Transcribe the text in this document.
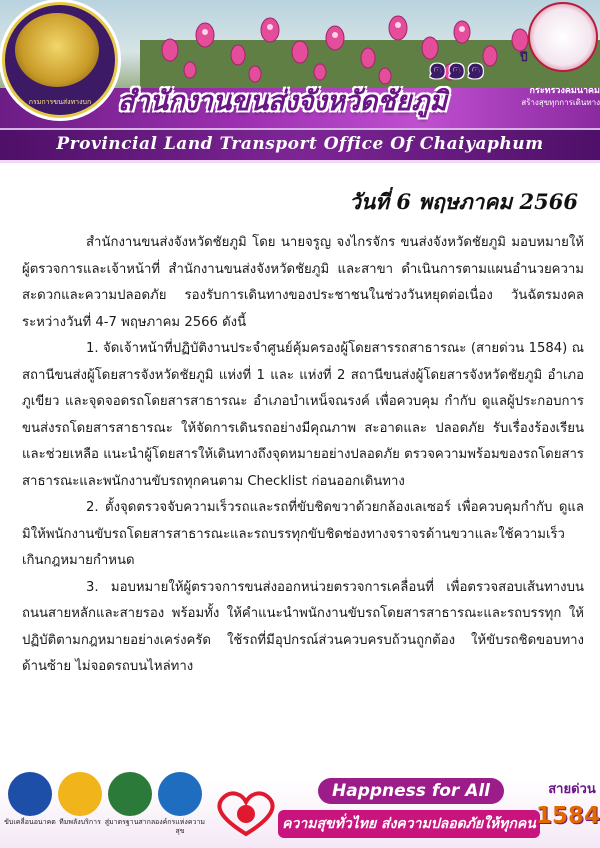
สำนักงานขนส่งจังหวัดชัยภูมิ
Provincial Land Transport Office Of Chaiyaphum
กรมการขนส่งทางบก
๑๑๑	ปี
กระทรวงคมนาคม
สร้างสุขทุกการเดินทาง
วันที่ 6 พฤษภาคม 2566

สำนักงานขนส่งจังหวัดชัยภูมิ โดย นายจรูญ จงไกรจักร ขนส่งจังหวัดชัยภูมิ มอบหมายให้ผู้ตรวจการและเจ้าหน้าที่ สำนักงานขนส่งจังหวัดชัยภูมิ และสาขา ดำเนินการตามแผนอำนวยความสะดวกและความปลอดภัย รองรับการเดินทางของประชาชนในช่วงวันหยุดต่อเนื่อง วันฉัตรมงคล ระหว่างวันที่ 4-7 พฤษภาคม 2566 ดังนี้

1. จัดเจ้าหน้าที่ปฏิบัติงานประจำศูนย์คุ้มครองผู้โดยสารรถสาธารณะ (สายด่วน 1584) ณ สถานีขนส่งผู้โดยสารจังหวัดชัยภูมิ แห่งที่ 1 และ แห่งที่ 2 สถานีขนส่งผู้โดยสารจังหวัดชัยภูมิ อำเภอภูเขียว และจุดจอดรถโดยสารสาธารณะ อำเภอบำเหน็จณรงค์ เพื่อควบคุม กำกับ ดูแลผู้ประกอบการขนส่งรถโดยสารสาธารณะ ให้จัดการเดินรถอย่างมีคุณภาพ สะอาดและ ปลอดภัย รับเรื่องร้องเรียนและช่วยเหลือ แนะนำผู้โดยสารให้เดินทางถึงจุดหมายอย่างปลอดภัย ตรวจความพร้อมของรถโดยสารสาธารณะและพนักงานขับรถทุกคนตาม Checklist ก่อนออกเดินทาง

2. ตั้งจุดตรวจจับความเร็วรถและรถที่ขับชิดขวาด้วยกล้องเลเซอร์ เพื่อควบคุมกำกับ ดูแลมิให้พนักงานขับรถโดยสารสาธารณะและรถบรรทุกขับชิดช่องทางจราจรด้านขวาและใช้ความเร็วเกินกฎหมายกำหนด

3. มอบหมายให้ผู้ตรวจการขนส่งออกหน่วยตรวจการเคลื่อนที่ เพื่อตรวจสอบเส้นทางบนถนนสายหลักและสายรอง พร้อมทั้ง ให้คำแนะนำพนักงานขับรถโดยสารสาธารณะและรถบรรทุก ให้ปฏิบัติตามกฎหมายอย่างเคร่งครัด ใช้รถที่มีอุปกรณ์ส่วนควบครบถ้วนถูกต้อง ให้ขับรถชิดขอบทางด้านซ้าย ไม่จอดรถบนไหล่ทาง

ขับเคลื่อนอนาคต ทีมพลังบริการ สู่มาตรฐานสากล องค์กรแห่งความสุข
Happness for All
ความสุขทั่วไทย ส่งความปลอดภัยให้ทุกคน
สายด่วน
1584
